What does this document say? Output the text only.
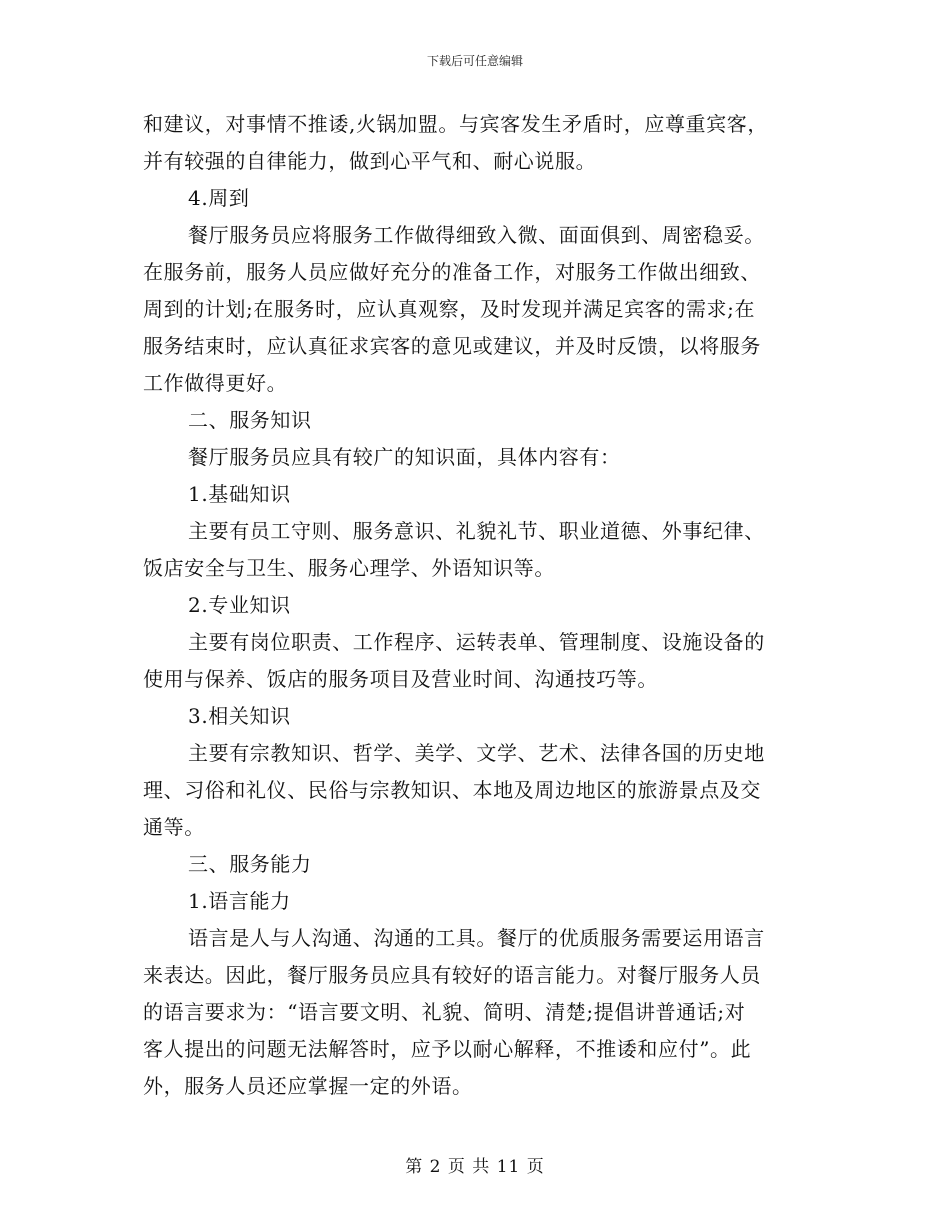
下载后可任意编辑
和建议，对事情不推诿,火锅加盟。与宾客发生矛盾时，应尊重宾客，
并有较强的自律能力，做到心平气和、耐心说服。
4.周到
餐厅服务员应将服务工作做得细致入微、面面俱到、周密稳妥。
在服务前，服务人员应做好充分的准备工作，对服务工作做出细致、
周到的计划;在服务时，应认真观察，及时发现并满足宾客的需求;在
服务结束时，应认真征求宾客的意见或建议，并及时反馈，以将服务
工作做得更好。
二、服务知识
餐厅服务员应具有较广的知识面，具体内容有：
1.基础知识
主要有员工守则、服务意识、礼貌礼节、职业道德、外事纪律、
饭店安全与卫生、服务心理学、外语知识等。
2.专业知识
主要有岗位职责、工作程序、运转表单、管理制度、设施设备的
使用与保养、饭店的服务项目及营业时间、沟通技巧等。
3.相关知识
主要有宗教知识、哲学、美学、文学、艺术、法律各国的历史地
理、习俗和礼仪、民俗与宗教知识、本地及周边地区的旅游景点及交
通等。
三、服务能力
1.语言能力
语言是人与人沟通、沟通的工具。餐厅的优质服务需要运用语言
来表达。因此，餐厅服务员应具有较好的语言能力。对餐厅服务人员
的语言要求为：“语言要文明、礼貌、简明、清楚;提倡讲普通话;对
客人提出的问题无法解答时，应予以耐心解释，不推诿和应付”。此
外，服务人员还应掌握一定的外语。
第 2 页 共 11 页
